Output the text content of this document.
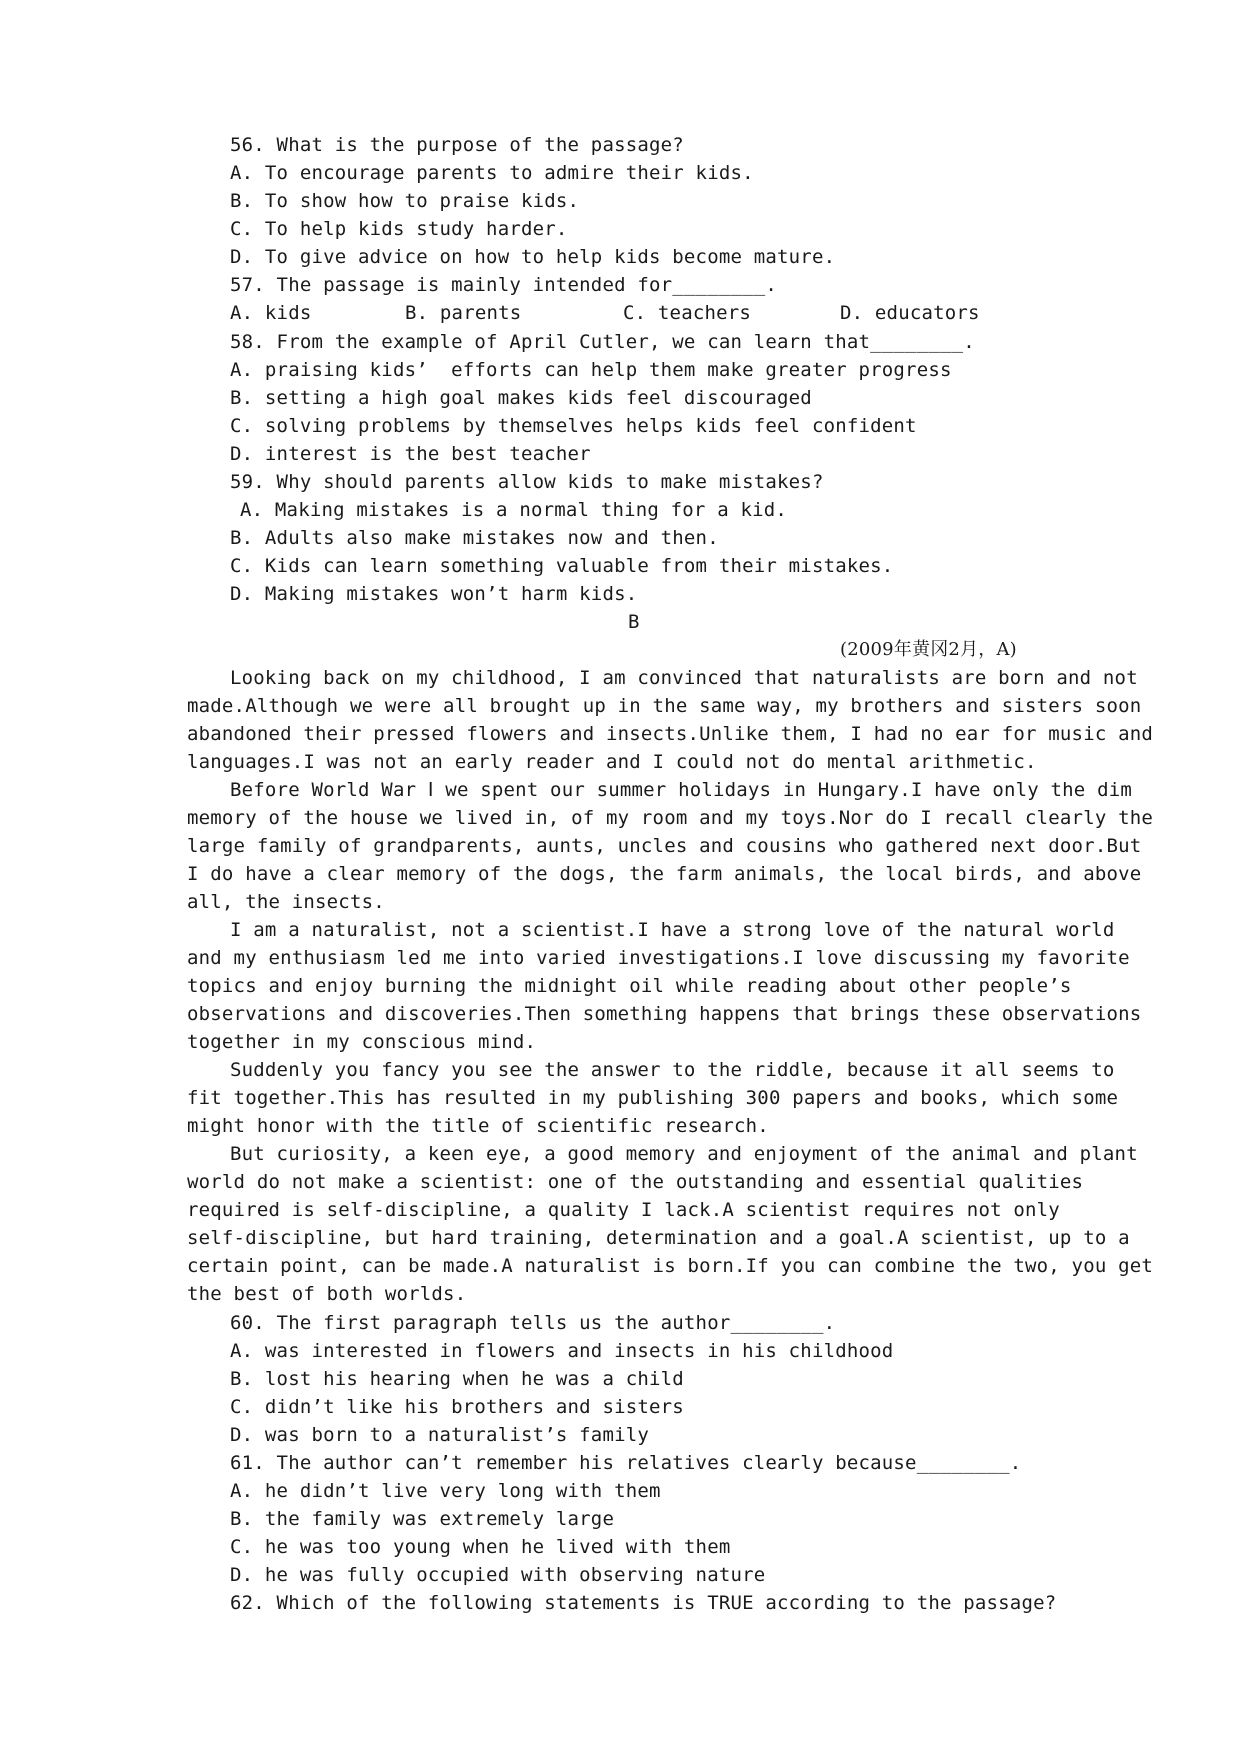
56. What is the purpose of the passage?
A. To encourage parents to admire their kids.
B. To show how to praise kids.
C. To help kids study harder.
D. To give advice on how to help kids become mature.
57. The passage is mainly intended for________.

A. kids

	B. parents

	C. teachers

	D. educators

58. From the example of April Cutler, we can learn that________.
A. praising kids’  efforts can help them make greater progress
B. setting a high goal makes kids feel discouraged
C. solving problems by themselves helps kids feel confident
D. interest is the best teacher
59. Why should parents allow kids to make mistakes?
A. Making mistakes is a normal thing for a kid.
B. Adults also make mistakes now and then.
C. Kids can learn something valuable from their mistakes.
D. Making mistakes won’t harm kids.
B
(2009年黄冈2月，A)
Looking back on my childhood, I am convinced that naturalists are born and not
made.Although we were all brought up in the same way, my brothers and sisters soon
abandoned their pressed flowers and insects.Unlike them, I had no ear for music and
languages.I was not an early reader and I could not do mental arithmetic.
Before World War Ⅰ we spent our summer holidays in Hungary.I have only the dim
memory of the house we lived in, of my room and my toys.Nor do I recall clearly the
large family of grandparents, aunts, uncles and cousins who gathered next door.But
I do have a clear memory of the dogs, the farm animals, the local birds, and above
all, the insects.
I am a naturalist, not a scientist.I have a strong love of the natural world
and my enthusiasm led me into varied investigations.I love discussing my favorite
topics and enjoy burning the midnight oil while reading about other people’s
observations and discoveries.Then something happens that brings these observations
together in my conscious mind.
Suddenly you fancy you see the answer to the riddle, because it all seems to
fit together.This has resulted in my publishing 300 papers and books, which some
might honor with the title of scientific research.
But curiosity, a keen eye, a good memory and enjoyment of the animal and plant
world do not make a scientist: one of the outstanding and essential qualities
required is self-discipline, a quality I lack.A scientist requires not only
self-discipline, but hard training, determination and a goal.A scientist, up to a
certain point, can be made.A naturalist is born.If you can combine the two, you get
the best of both worlds.
60. The first paragraph tells us the author________.
A. was interested in flowers and insects in his childhood
B. lost his hearing when he was a child
C. didn’t like his brothers and sisters
D. was born to a naturalist’s family
61. The author can’t remember his relatives clearly because________.
A. he didn’t live very long with them
B. the family was extremely large
C. he was too young when he lived with them
D. he was fully occupied with observing nature
62. Which of the following statements is TRUE according to the passage?
